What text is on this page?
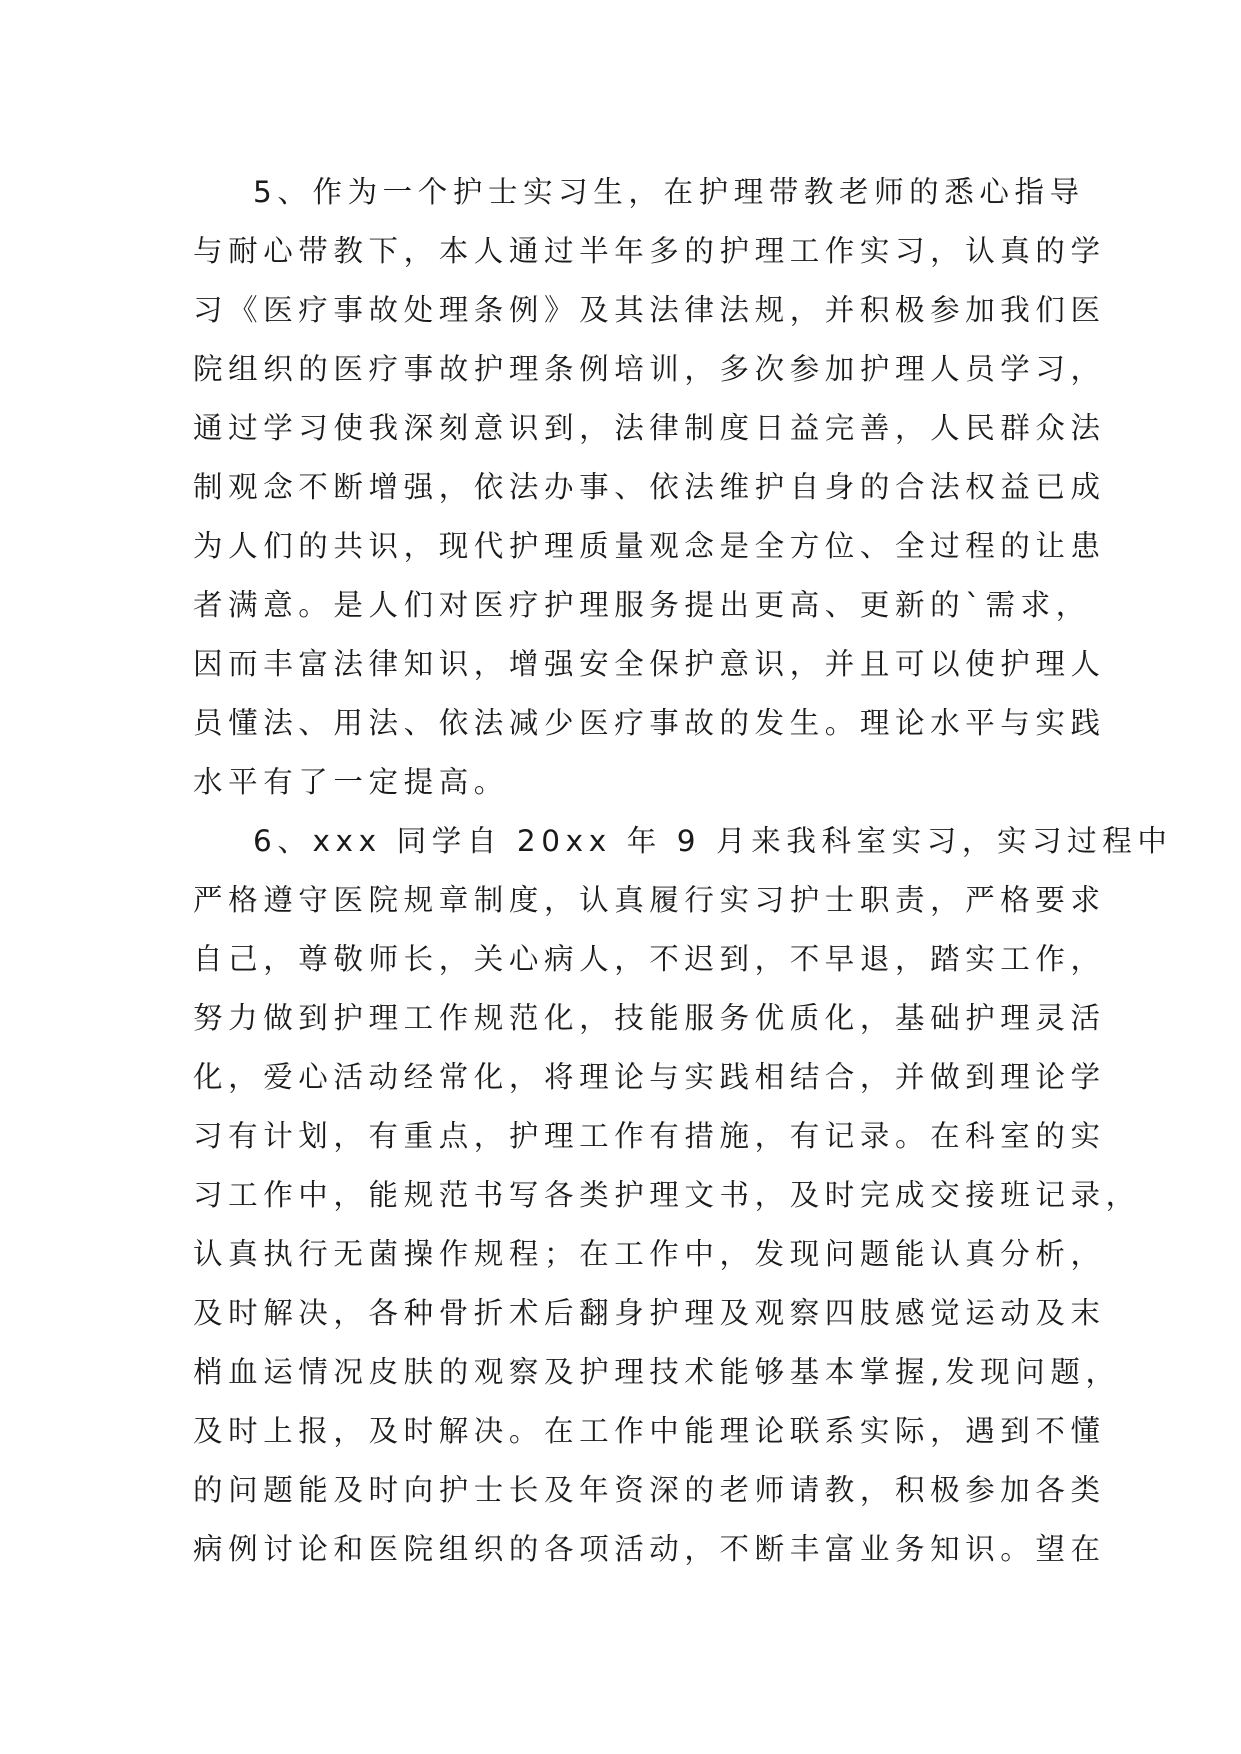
5、作为一个护士实习生，在护理带教老师的悉心指导
与耐心带教下，本人通过半年多的护理工作实习，认真的学
习《医疗事故处理条例》及其法律法规，并积极参加我们医
院组织的医疗事故护理条例培训，多次参加护理人员学习，
通过学习使我深刻意识到，法律制度日益完善，人民群众法
制观念不断增强，依法办事、依法维护自身的合法权益已成
为人们的共识，现代护理质量观念是全方位、全过程的让患
者满意。是人们对医疗护理服务提出更高、更新的`需求，
因而丰富法律知识，增强安全保护意识，并且可以使护理人
员懂法、用法、依法减少医疗事故的发生。理论水平与实践
水平有了一定提高。
6、xxx 同学自 20xx 年 9 月来我科室实习，实习过程中
严格遵守医院规章制度，认真履行实习护士职责，严格要求
自己，尊敬师长，关心病人，不迟到，不早退，踏实工作，
努力做到护理工作规范化，技能服务优质化，基础护理灵活
化，爱心活动经常化，将理论与实践相结合，并做到理论学
习有计划，有重点，护理工作有措施，有记录。在科室的实
习工作中，能规范书写各类护理文书，及时完成交接班记录，
认真执行无菌操作规程；在工作中，发现问题能认真分析，
及时解决，各种骨折术后翻身护理及观察四肢感觉运动及末
梢血运情况皮肤的观察及护理技术能够基本掌握,发现问题，
及时上报，及时解决。在工作中能理论联系实际，遇到不懂
的问题能及时向护士长及年资深的老师请教，积极参加各类
病例讨论和医院组织的各项活动，不断丰富业务知识。望在
